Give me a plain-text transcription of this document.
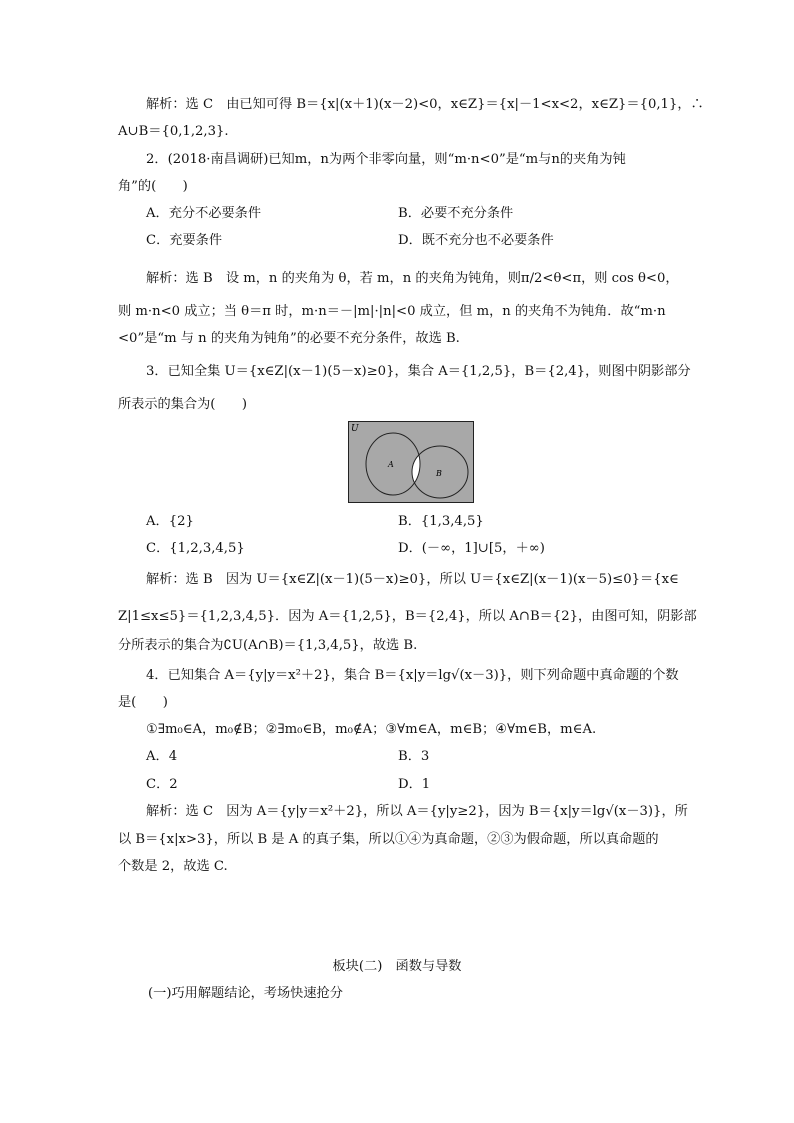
解析：选 C　由已知可得 B＝{x|(x＋1)(x－2)<0，x∈Z}＝{x|－1<x<2，x∈Z}＝{0,1}，∴
A∪B＝{0,1,2,3}.
2．(2018·南昌调研)已知m，n为两个非零向量，则“m·n<0”是“m与n的夹角为钝
角”的(　　)
A．充分不必要条件	B．必要不充分条件
C．充要条件	D．既不充分也不必要条件
解析：选 B　设 m，n 的夹角为 θ，若 m，n 的夹角为钝角，则π/2<θ<π，则 cos θ<0，
则 m·n<0 成立；当 θ＝π 时，m·n＝－|m|·|n|<0 成立，但 m，n 的夹角不为钝角．故“m·n
<0”是“m 与 n 的夹角为钝角”的必要不充分条件，故选 B.
3．已知全集 U＝{x∈Z|(x－1)(5－x)≥0}，集合 A＝{1,2,5}，B＝{2,4}，则图中阴影部分
所表示的集合为(　　)
U
A
B
A．{2}	B．{1,3,4,5}
C．{1,2,3,4,5}	D．(－∞，1]∪[5，＋∞)
解析：选 B　因为 U＝{x∈Z|(x－1)(5－x)≥0}，所以 U＝{x∈Z|(x－1)(x－5)≤0}＝{x∈
Z|1≤x≤5}＝{1,2,3,4,5}．因为 A＝{1,2,5}，B＝{2,4}，所以 A∩B＝{2}，由图可知，阴影部
分所表示的集合为∁U(A∩B)＝{1,3,4,5}，故选 B.
4．已知集合 A＝{y|y＝x²＋2}，集合 B＝{x|y＝lg√(x－3)}，则下列命题中真命题的个数
是(　　)
①∃m₀∈A，m₀∉B；②∃m₀∈B，m₀∉A；③∀m∈A，m∈B；④∀m∈B，m∈A.
A．4	B．3
C．2	D．1
解析：选 C　因为 A＝{y|y＝x²＋2}，所以 A＝{y|y≥2}，因为 B＝{x|y＝lg√(x－3)}，所
以 B＝{x|x>3}，所以 B 是 A 的真子集，所以①④为真命题，②③为假命题，所以真命题的
个数是 2，故选 C.
板块(二)　函数与导数
(一)巧用解题结论，考场快速抢分
